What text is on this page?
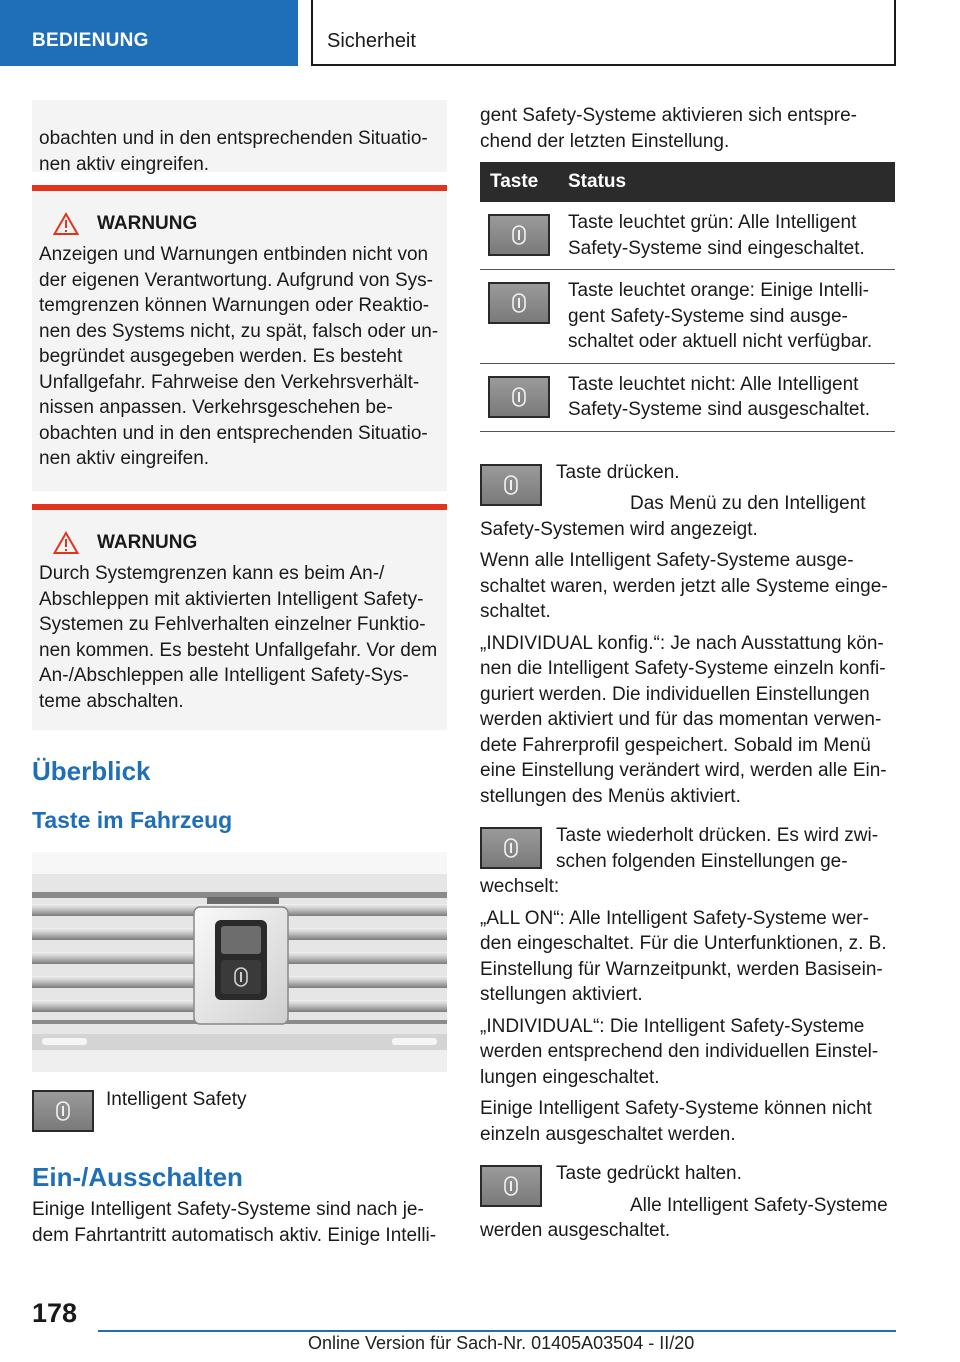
BEDIENUNG	Sicherheit

obachten und in den entsprechenden Situatio-
nen aktiv eingreifen.

WARNUNG

Anzeigen und Warnungen entbinden nicht von der eigenen Verantwortung. Aufgrund von Sys-temgrenzen können Warnungen oder Reaktio-nen des Systems nicht, zu spät, falsch oder un-begründet ausgegeben werden. Es besteht Unfallgefahr. Fahrweise den Verkehrsverhält-nissen anpassen. Verkehrsgeschehen be-obachten und in den entsprechenden Situatio-nen aktiv eingreifen.

WARNUNG

Durch Systemgrenzen kann es beim An-/ Abschleppen mit aktivierten Intelligent Safety-Systemen zu Fehlverhalten einzelner Funktio-nen kommen. Es besteht Unfallgefahr. Vor dem An-/Abschleppen alle Intelligent Safety-Sys-teme abschalten.

Überblick
Taste im Fahrzeug
Intelligent Safety
Ein-/Ausschalten

Einige Intelligent Safety-Systeme sind nach je-dem Fahrtantritt automatisch aktiv. Einige Intelli-

gent Safety-Systeme aktivieren sich entspre-chend der letzten Einstellung.

Taste	Status

	Taste leuchtet grün: Alle Intelligent Safety-Systeme sind eingeschaltet.

	Taste leuchtet orange: Einige Intelli-gent Safety-Systeme sind ausge-schaltet oder aktuell nicht verfügbar.

	Taste leuchtet nicht: Alle Intelligent Safety-Systeme sind ausgeschaltet.

Taste drücken.

Das Menü zu den Intelligent Safety-Systemen wird angezeigt.

Wenn alle Intelligent Safety-Systeme ausge-schaltet waren, werden jetzt alle Systeme einge-schaltet.

„INDIVIDUAL konfig.“: Je nach Ausstattung kön-nen die Intelligent Safety-Systeme einzeln konfi-guriert werden. Die individuellen Einstellungen werden aktiviert und für das momentan verwen-dete Fahrerprofil gespeichert. Sobald im Menü eine Einstellung verändert wird, werden alle Ein-stellungen des Menüs aktiviert.

Taste wiederholt drücken. Es wird zwi-schen folgenden Einstellungen ge-wechselt:

„ALL ON“: Alle Intelligent Safety-Systeme wer-den eingeschaltet. Für die Unterfunktionen, z. B. Einstellung für Warnzeitpunkt, werden Basisein-stellungen aktiviert.

„INDIVIDUAL“: Die Intelligent Safety-Systeme werden entsprechend den individuellen Einstel-lungen eingeschaltet.

Einige Intelligent Safety-Systeme können nicht einzeln ausgeschaltet werden.

Taste gedrückt halten.

Alle Intelligent Safety-Systeme werden ausgeschaltet.

178
Online Version für Sach-Nr. 01405A03504 - II/20
